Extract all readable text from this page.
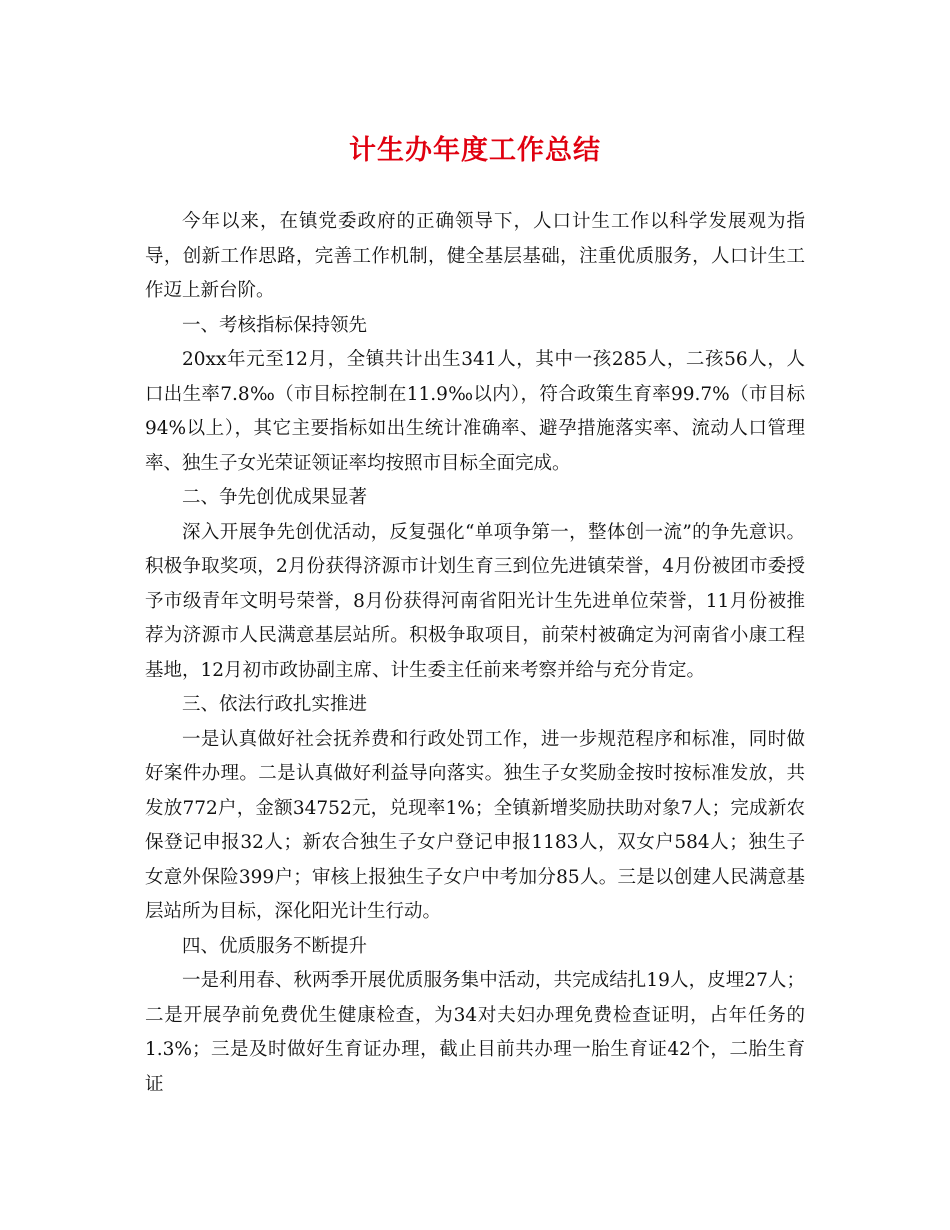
计生办年度工作总结

今年以来，在镇党委政府的正确领导下，人口计生工作以科学发展观为指导，创新工作思路，完善工作机制，健全基层基础，注重优质服务，人口计生工作迈上新台阶。

一、考核指标保持领先

20xx年元至12月，全镇共计出生341人，其中一孩285人，二孩56人，人口出生率7.8‰（市目标控制在11.9‰以内），符合政策生育率99.7%（市目标94%以上），其它主要指标如出生统计准确率、避孕措施落实率、流动人口管理率、独生子女光荣证领证率均按照市目标全面完成。

二、争先创优成果显著

深入开展争先创优活动，反复强化“单项争第一，整体创一流”的争先意识。积极争取奖项，2月份获得济源市计划生育三到位先进镇荣誉，4月份被团市委授予市级青年文明号荣誉，8月份获得河南省阳光计生先进单位荣誉，11月份被推荐为济源市人民满意基层站所。积极争取项目，前荣村被确定为河南省小康工程基地，12月初市政协副主席、计生委主任前来考察并给与充分肯定。

三、依法行政扎实推进

一是认真做好社会抚养费和行政处罚工作，进一步规范程序和标准，同时做好案件办理。二是认真做好利益导向落实。独生子女奖励金按时按标准发放，共发放772户，金额34752元，兑现率1%；全镇新增奖励扶助对象7人；完成新农保登记申报32人；新农合独生子女户登记申报1183人，双女户584人；独生子女意外保险399户；审核上报独生子女户中考加分85人。三是以创建人民满意基层站所为目标，深化阳光计生行动。

四、优质服务不断提升

一是利用春、秋两季开展优质服务集中活动，共完成结扎19人，皮埋27人；二是开展孕前免费优生健康检查，为34对夫妇办理免费检查证明，占年任务的1.3%；三是及时做好生育证办理，截止目前共办理一胎生育证42个，二胎生育证
